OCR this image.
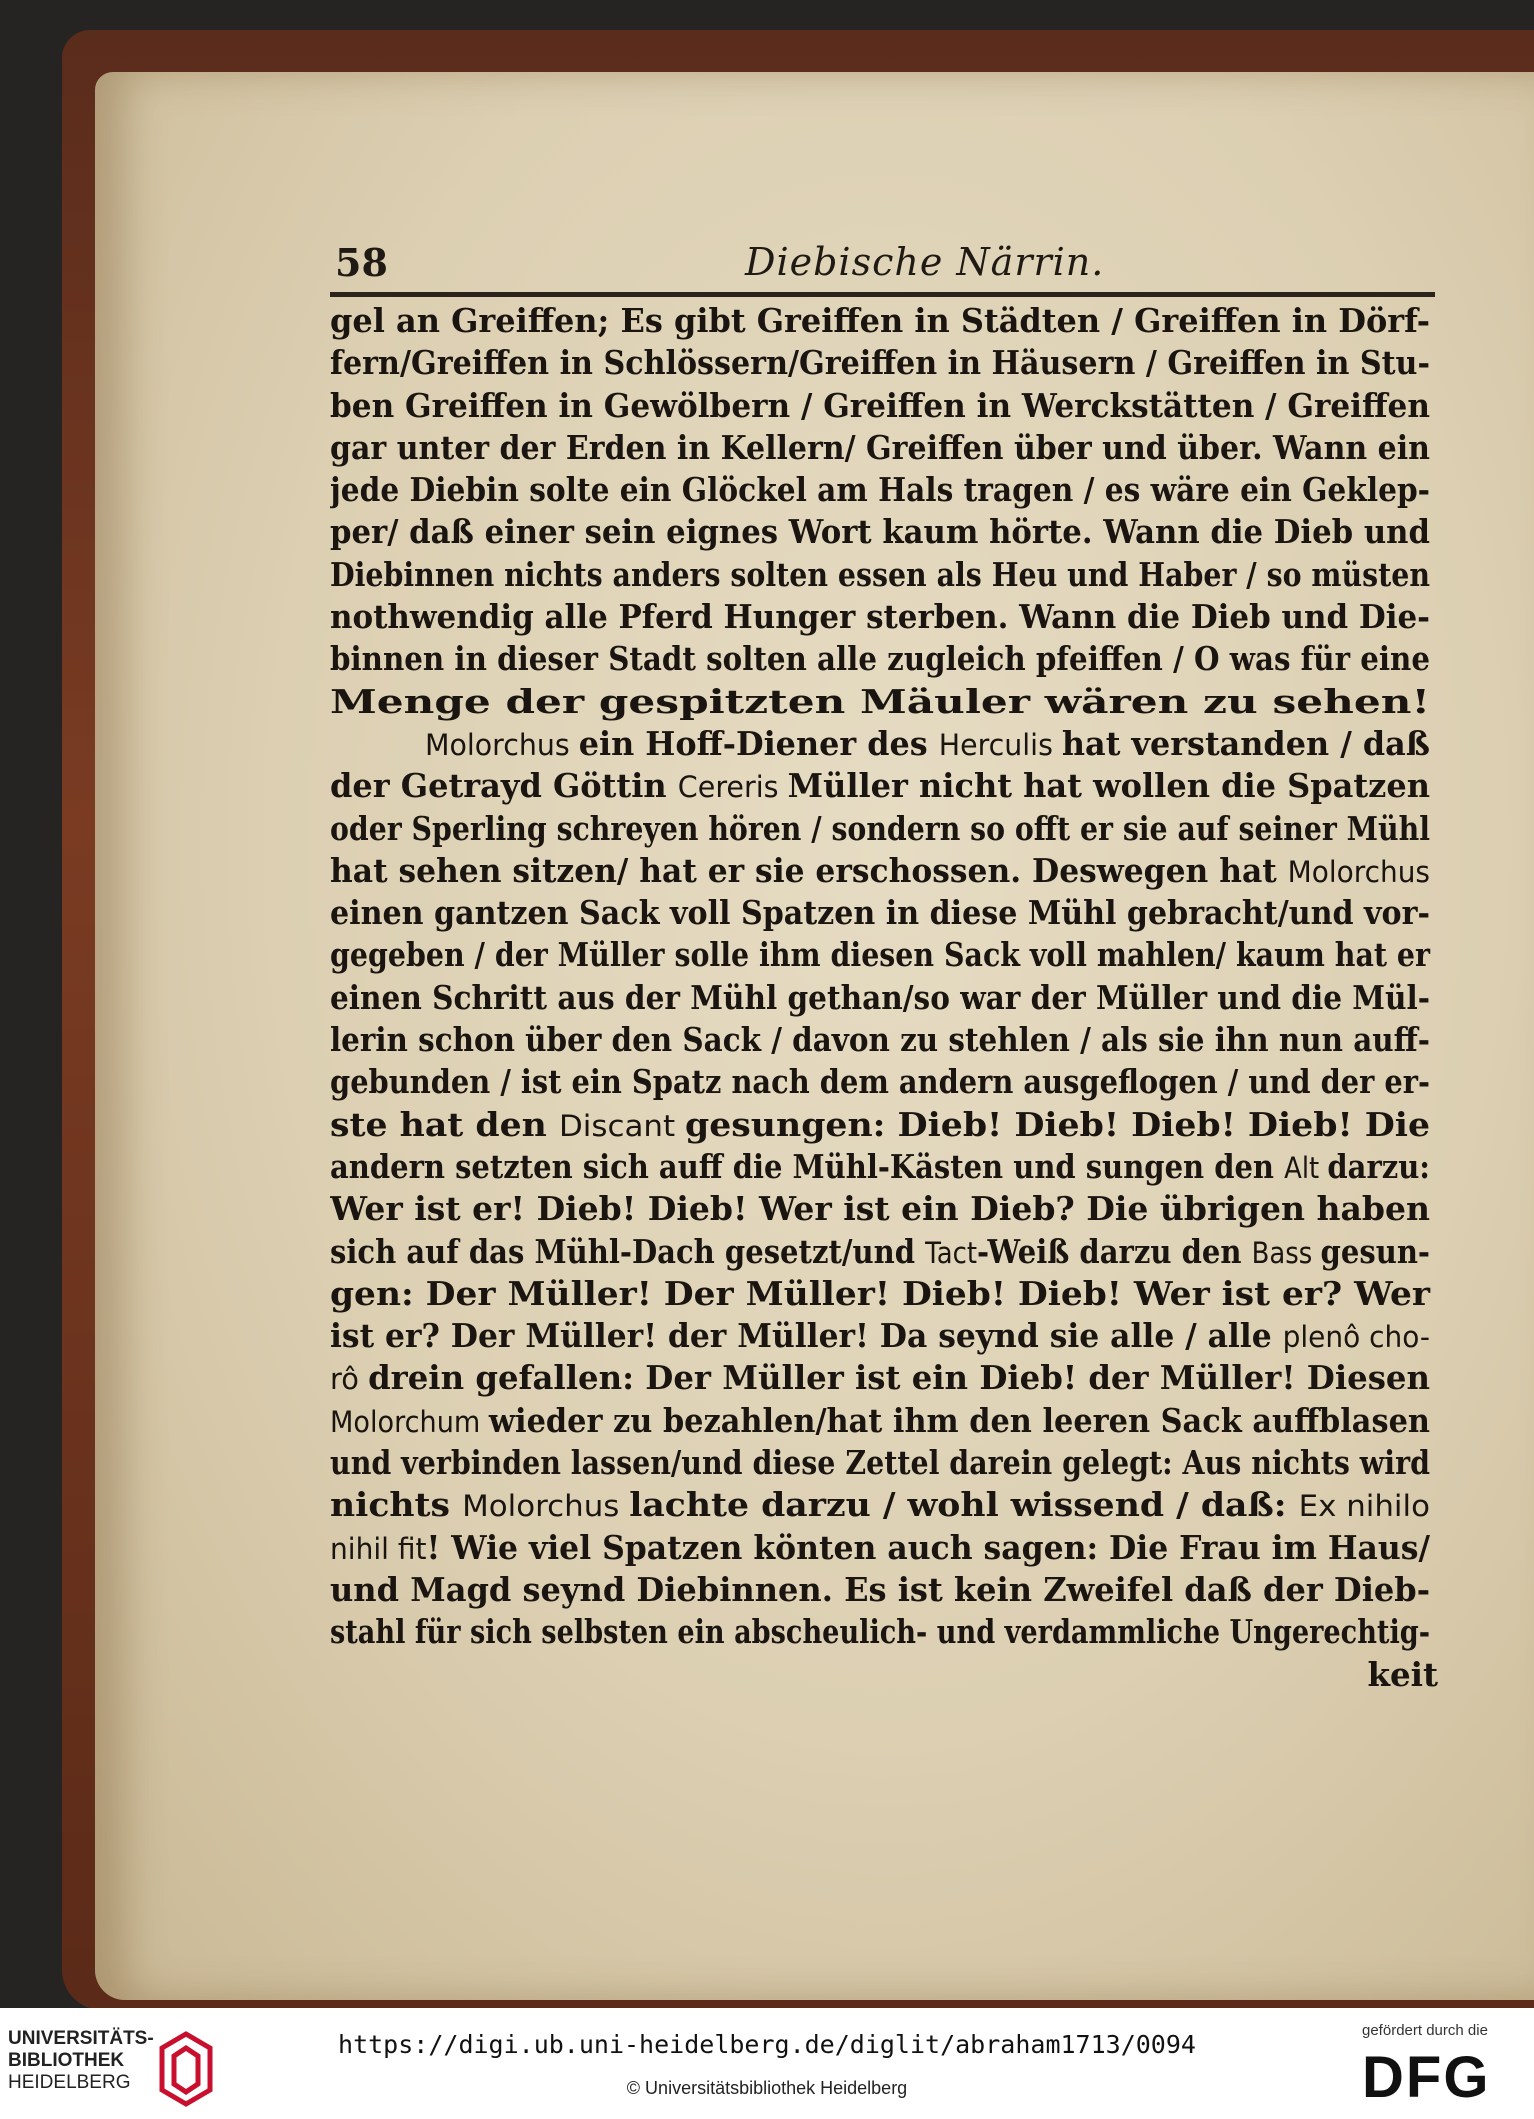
58	Diebische Närrin.
gel an Greiffen; Es gibt Greiffen in Städten / Greiffen in Dörf-
fern/Greiffen in Schlössern/Greiffen in Häusern / Greiffen in Stu-
ben Greiffen in Gewölbern / Greiffen in Werckstätten / Greiffen
gar unter der Erden in Kellern/ Greiffen über und über. Wann ein
jede Diebin solte ein Glöckel am Hals tragen / es wäre ein Geklep-
per/ daß einer sein eignes Wort kaum hörte. Wann die Dieb und
Diebinnen nichts anders solten essen als Heu und Haber / so müsten
nothwendig alle Pferd Hunger sterben. Wann die Dieb und Die-
binnen in dieser Stadt solten alle zugleich pfeiffen / O was für eine
Menge der gespitzten Mäuler wären zu sehen!
Molorchus ein Hoff-Diener des Herculis hat verstanden / daß
der Getrayd Göttin Cereris Müller nicht hat wollen die Spatzen
oder Sperling schreyen hören / sondern so offt er sie auf seiner Mühl
hat sehen sitzen/ hat er sie erschossen. Deswegen hat Molorchus
einen gantzen Sack voll Spatzen in diese Mühl gebracht/und vor-
gegeben / der Müller solle ihm diesen Sack voll mahlen/ kaum hat er
einen Schritt aus der Mühl gethan/so war der Müller und die Mül-
lerin schon über den Sack / davon zu stehlen / als sie ihn nun auff-
gebunden / ist ein Spatz nach dem andern ausgeflogen / und der er-
ste hat den Discant gesungen: Dieb! Dieb! Dieb! Dieb! Die
andern setzten sich auff die Mühl-Kästen und sungen den Alt darzu:
Wer ist er! Dieb! Dieb! Wer ist ein Dieb? Die übrigen haben
sich auf das Mühl-Dach gesetzt/und Tact-Weiß darzu den Bass gesun-
gen: Der Müller! Der Müller! Dieb! Dieb! Wer ist er? Wer
ist er? Der Müller! der Müller! Da seynd sie alle / alle plenô cho-
rô drein gefallen: Der Müller ist ein Dieb! der Müller! Diesen
Molorchum wieder zu bezahlen/hat ihm den leeren Sack auffblasen
und verbinden lassen/und diese Zettel darein gelegt: Aus nichts wird
nichts Molorchus lachte darzu / wohl wissend / daß: Ex nihilo
nihil fit! Wie viel Spatzen könten auch sagen: Die Frau im Haus/
und Magd seynd Diebinnen. Es ist kein Zweifel daß der Dieb-
stahl für sich selbsten ein abscheulich- und verdammliche Ungerechtig-
keit
UNIVERSITÄTS-
BIBLIOTHEK
HEIDELBERG
https://digi.ub.uni-heidelberg.de/diglit/abraham1713/0094
© Universitätsbibliothek Heidelberg
gefördert durch die
DFG
